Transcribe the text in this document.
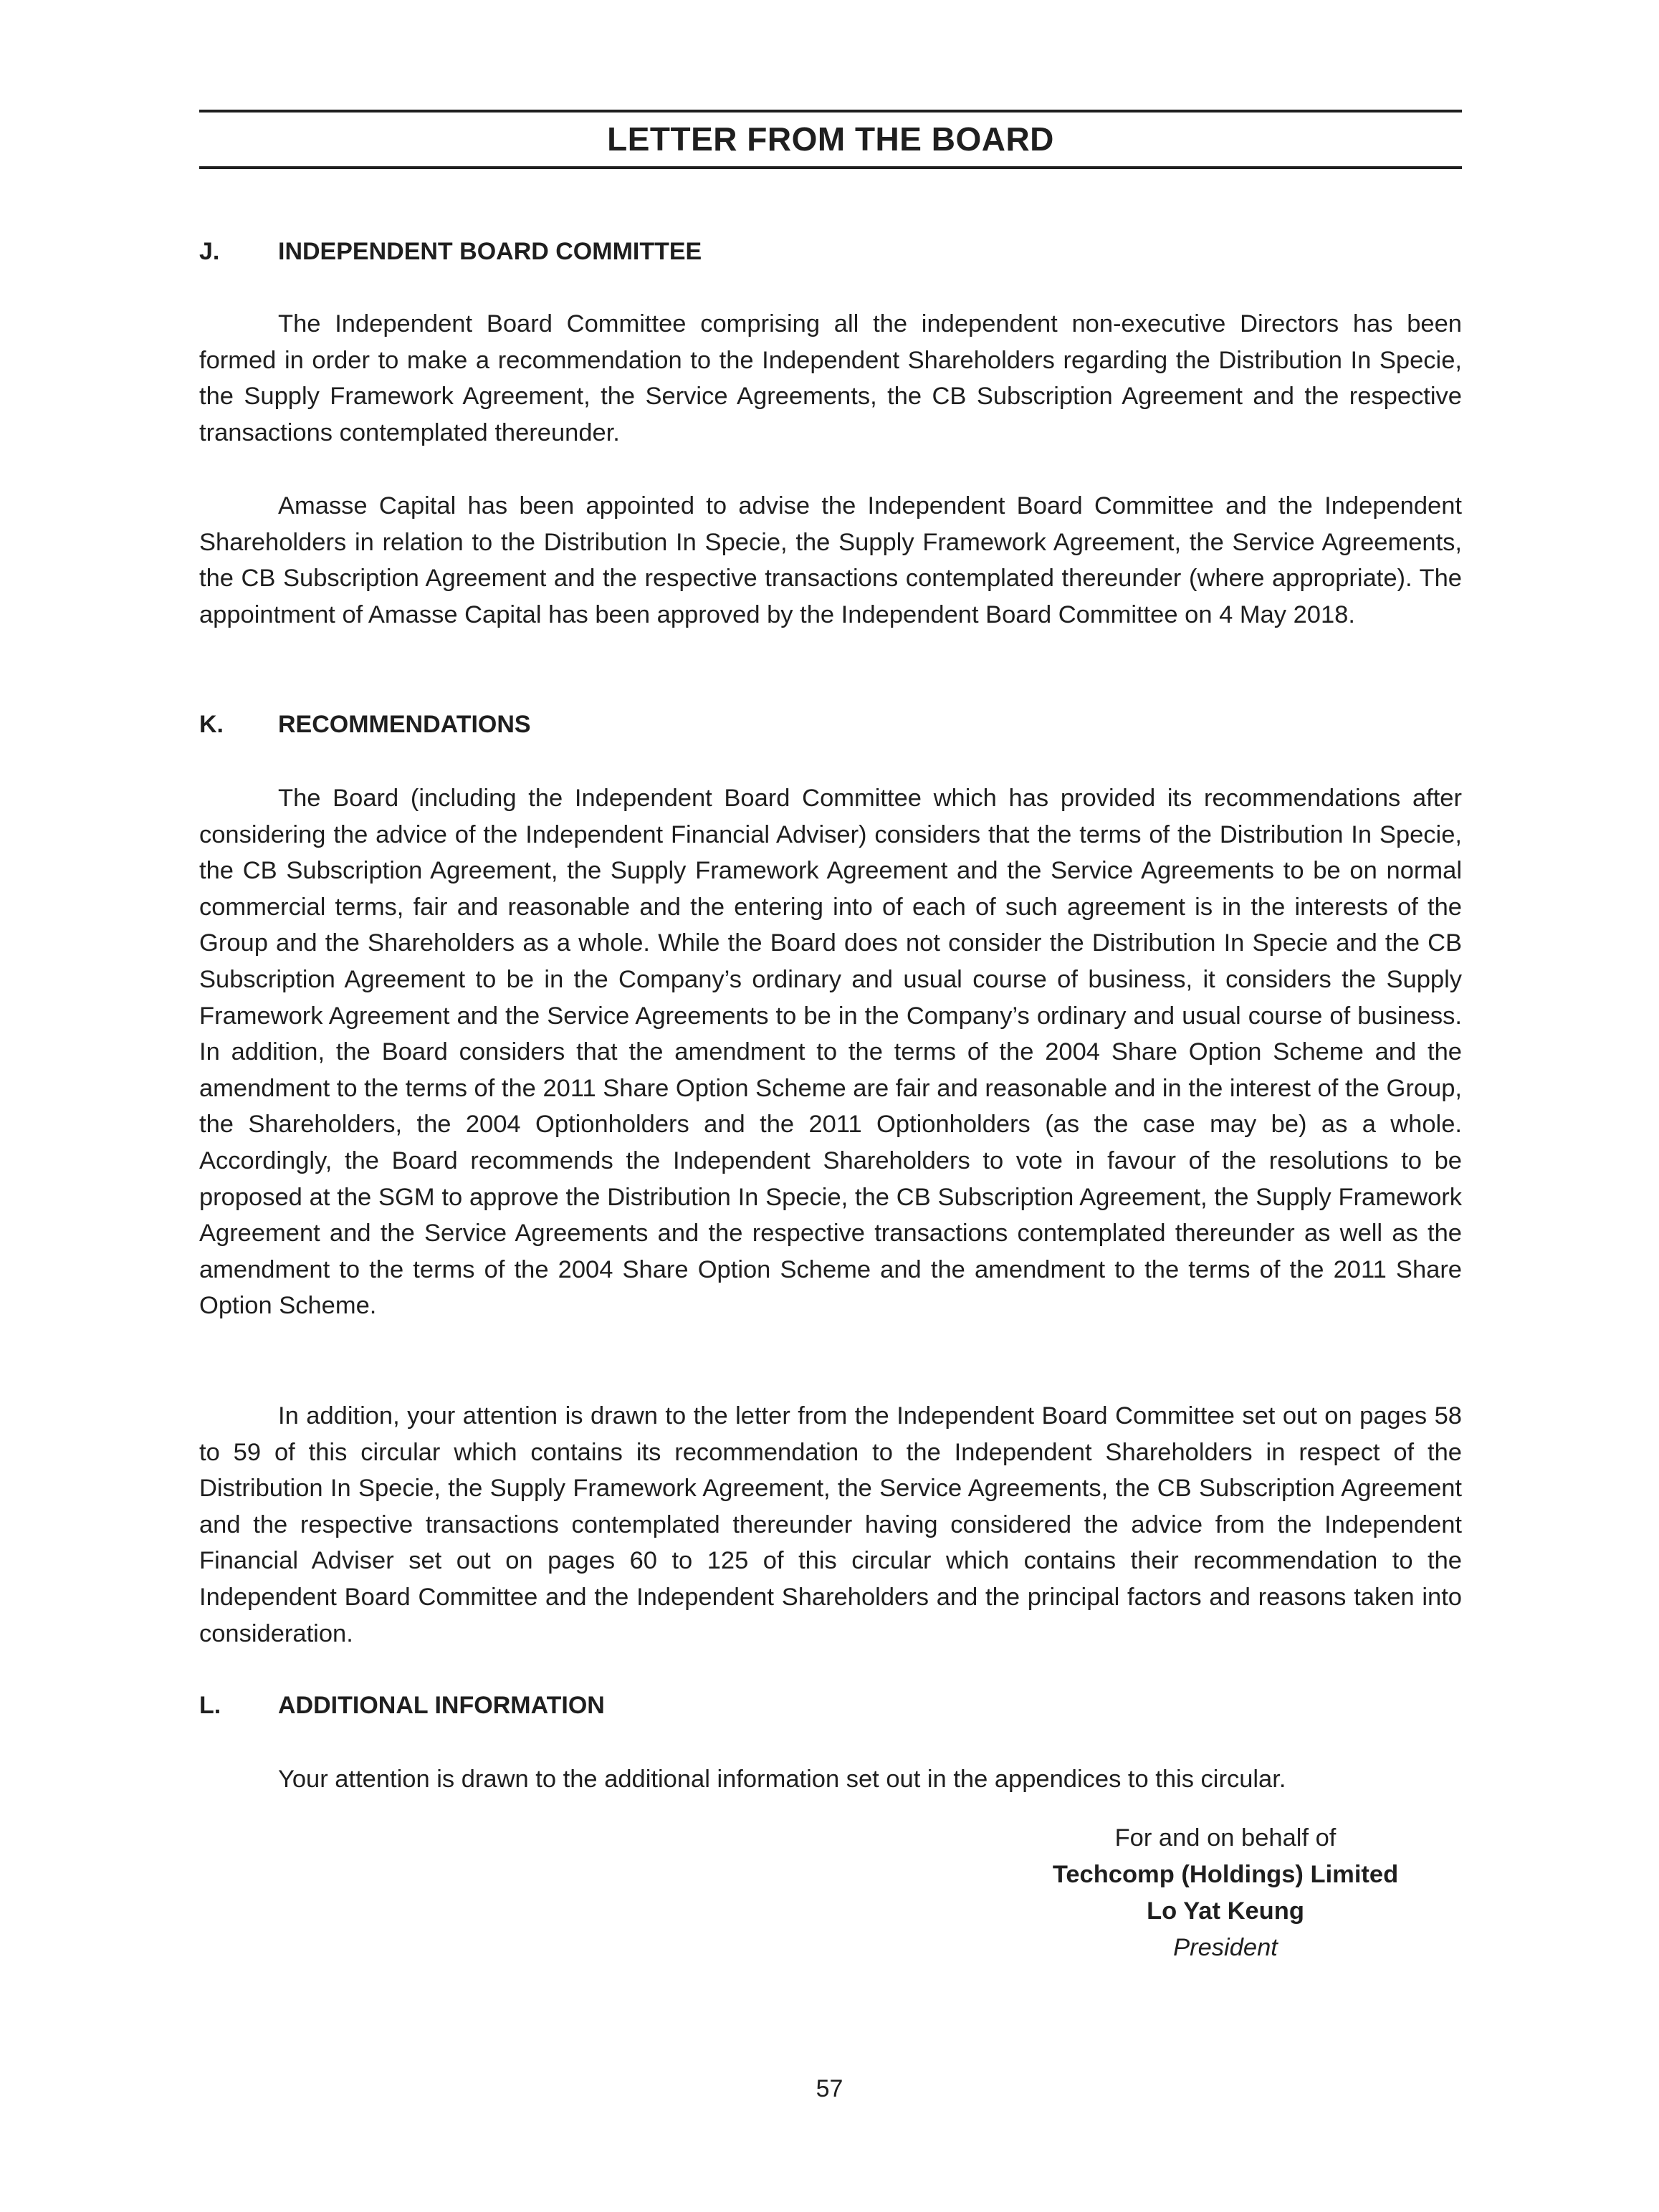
LETTER FROM THE BOARD
J. INDEPENDENT BOARD COMMITTEE
The Independent Board Committee comprising all the independent non-executive Directors has been formed in order to make a recommendation to the Independent Shareholders regarding the Distribution In Specie, the Supply Framework Agreement, the Service Agreements, the CB Subscription Agreement and the respective transactions contemplated thereunder.
Amasse Capital has been appointed to advise the Independent Board Committee and the Independent Shareholders in relation to the Distribution In Specie, the Supply Framework Agreement, the Service Agreements, the CB Subscription Agreement and the respective transactions contemplated thereunder (where appropriate). The appointment of Amasse Capital has been approved by the Independent Board Committee on 4 May 2018.
K. RECOMMENDATIONS
The Board (including the Independent Board Committee which has provided its recommendations after considering the advice of the Independent Financial Adviser) considers that the terms of the Distribution In Specie, the CB Subscription Agreement, the Supply Framework Agreement and the Service Agreements to be on normal commercial terms, fair and reasonable and the entering into of each of such agreement is in the interests of the Group and the Shareholders as a whole. While the Board does not consider the Distribution In Specie and the CB Subscription Agreement to be in the Company’s ordinary and usual course of business, it considers the Supply Framework Agreement and the Service Agreements to be in the Company’s ordinary and usual course of business. In addition, the Board considers that the amendment to the terms of the 2004 Share Option Scheme and the amendment to the terms of the 2011 Share Option Scheme are fair and reasonable and in the interest of the Group, the Shareholders, the 2004 Optionholders and the 2011 Optionholders (as the case may be) as a whole. Accordingly, the Board recommends the Independent Shareholders to vote in favour of the resolutions to be proposed at the SGM to approve the Distribution In Specie, the CB Subscription Agreement, the Supply Framework Agreement and the Service Agreements and the respective transactions contemplated thereunder as well as the amendment to the terms of the 2004 Share Option Scheme and the amendment to the terms of the 2011 Share Option Scheme.
In addition, your attention is drawn to the letter from the Independent Board Committee set out on pages 58 to 59 of this circular which contains its recommendation to the Independent Shareholders in respect of the Distribution In Specie, the Supply Framework Agreement, the Service Agreements, the CB Subscription Agreement and the respective transactions contemplated thereunder having considered the advice from the Independent Financial Adviser set out on pages 60 to 125 of this circular which contains their recommendation to the Independent Board Committee and the Independent Shareholders and the principal factors and reasons taken into consideration.
L. ADDITIONAL INFORMATION
Your attention is drawn to the additional information set out in the appendices to this circular.
For and on behalf of
Techcomp (Holdings) Limited
Lo Yat Keung
President
57
